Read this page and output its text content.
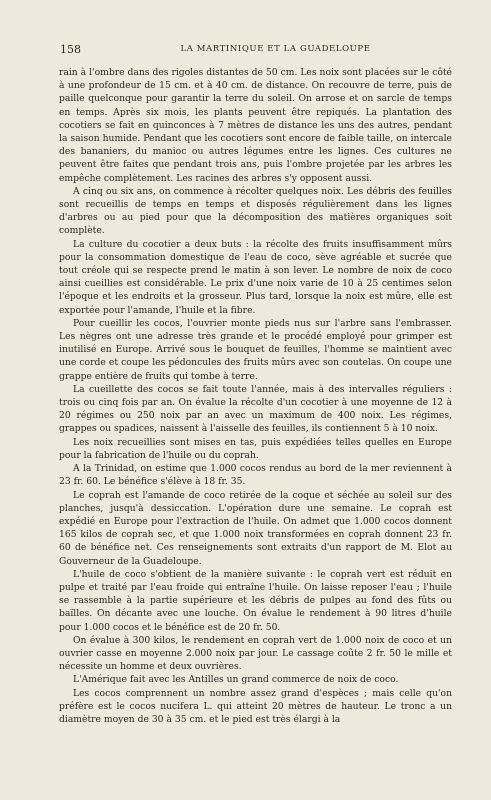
158	LA MARTINIQUE ET LA GUADELOUPE

rain à l'ombre dans des rigoles distantes de 50 cm. Les noix sont placées sur le côté à une profondeur de 15 cm. et à 40 cm. de distance. On recouvre de terre, puis de paille quelconque pour garantir la terre du soleil. On arrose et on sarcle de temps en temps. Après six mois, les plants peuvent être repiqués. La plantation des cocotiers se fait en quinconces à 7 mètres de distance les uns des autres, pendant la saison humide. Pendant que les cocotiers sont encore de faible taille, on intercale des bananiers, du manioc ou autres légumes entre les lignes. Ces cultures ne peuvent être faites que pendant trois ans, puis l'ombre projetée par les arbres les empêche complètement. Les racines des arbres s'y opposent aussi.

A cinq ou six ans, on commence à récolter quelques noix. Les débris des feuilles sont recueillis de temps en temps et disposés régulièrement dans les lignes d'arbres ou au pied pour que la décomposition des matières organiques soit complète.

La culture du cocotier a deux buts : la récolte des fruits insuffisamment mûrs pour la consommation domestique de l'eau de coco, sève agréable et sucrée que tout créole qui se respecte prend le matin à son lever. Le nombre de noix de coco ainsi cueillies est considérable. Le prix d'une noix varie de 10 à 25 centimes selon l'époque et les endroits et la grosseur. Plus tard, lorsque la noix est mûre, elle est exportée pour l'amande, l'huile et la fibre.

Pour cueillir les cocos, l'ouvrier monte pieds nus sur l'arbre sans l'embrasser. Les nègres ont une adresse très grande et le procédé employé pour grimper est inutilisé en Europe. Arrivé sous le bouquet de feuilles, l'homme se maintient avec une corde et coupe les pédoncules des fruits mûrs avec son coutelas. On coupe une grappe entière de fruits qui tombe à terre.

La cueillette des cocos se fait toute l'année, mais à des intervalles réguliers : trois ou cinq fois par an. On évalue la récolte d'un cocotier à une moyenne de 12 à 20 régimes ou 250 noix par an avec un maximum de 400 noix. Les régimes, grappes ou spadices, naissent à l'aisselle des feuilles, ils contiennent 5 à 10 noix.

Les noix recueillies sont mises en tas, puis expédiées telles quelles en Europe pour la fabrication de l'huile ou du coprah.

A la Trinidad, on estime que 1.000 cocos rendus au bord de la mer reviennent à 23 fr. 60. Le bénéfice s'élève à 18 fr. 35.

Le coprah est l'amande de coco retirée de la coque et séchée au soleil sur des planches, jusqu'à dessiccation. L'opération dure une semaine. Le coprah est expédié en Europe pour l'extraction de l'huile. On admet que 1.000 cocos donnent 165 kilos de coprah sec, et que 1.000 noix transformées en coprah donnent 23 fr. 60 de bénéfice net. Ces renseignements sont extraits d'un rapport de M. Elot au Gouverneur de la Guadeloupe.

L'huile de coco s'obtient de la manière suivante : le coprah vert est réduit en pulpe et traité par l'eau froide qui entraîne l'huile. On laisse reposer l'eau ; l'huile se rassemble à la partie supérieure et les débris de pulpes au fond des fûts ou baïlles. On décante avec une louche. On évalue le rendement à 90 litres d'huile pour 1.000 cocos et le bénéfice est de 20 fr. 50.

On évalue à 300 kilos, le rendement en coprah vert de 1.000 noix de coco et un ouvrier casse en moyenne 2.000 noix par jour. Le cassage coûte 2 fr. 50 le mille et nécessite un homme et deux ouvrières.

L'Amérique fait avec les Antilles un grand commerce de noix de coco.

Les cocos comprennent un nombre assez grand d'espèces ; mais celle qu'on préfère est le cocos nucifera L. qui atteint 20 mètres de hauteur. Le tronc a un diamètre moyen de 30 à 35 cm. et le pied est très élargi à la
